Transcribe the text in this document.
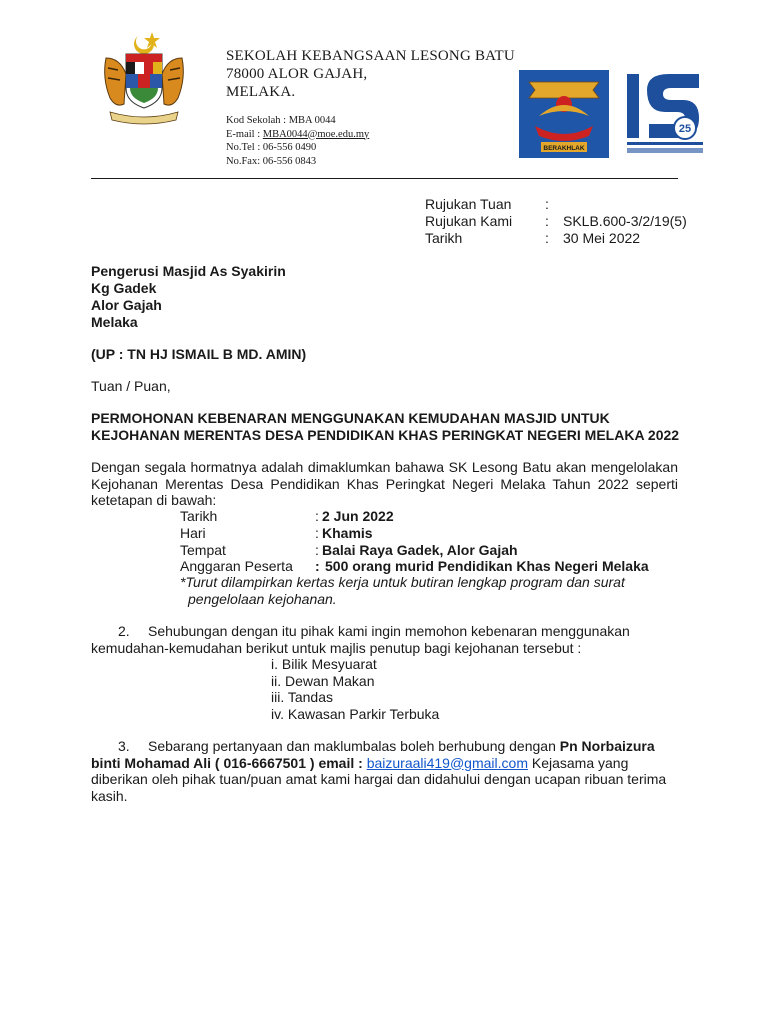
SEKOLAH KEBANGSAAN LESONG BATU
78000 ALOR GAJAH,
MELAKA.
Kod Sekolah : MBA 0044
E-mail : MBA0044@moe.edu.my
No.Tel : 06-556 0490
No.Fax: 06-556 0843
BERAKHLAK
25
Rujukan Tuan :
Rujukan Kami : SKLB.600-3/2/19(5)
Tarikh	: 30 Mei 2022
Pengerusi Masjid As Syakirin
Kg Gadek
Alor Gajah
Melaka
(UP : TN HJ ISMAIL B MD. AMIN)
Tuan / Puan,
PERMOHONAN KEBENARAN MENGGUNAKAN KEMUDAHAN MASJID UNTUK
KEJOHANAN MERENTAS DESA PENDIDIKAN KHAS PERINGKAT NEGERI MELAKA 2022
Dengan segala hormatnya adalah dimaklumkan bahawa SK Lesong Batu akan mengelolakan
Kejohanan Merentas Desa Pendidikan Khas Peringkat Negeri Melaka Tahun 2022 seperti
ketetapan di bawah:
Tarikh	: 2 Jun 2022
Hari	: Khamis
Tempat	: Balai Raya Gadek, Alor Gajah
Anggaran Peserta : 500 orang murid Pendidikan Khas Negeri Melaka
*Turut dilampirkan kertas kerja untuk butiran lengkap program dan surat
pengelolaan kejohanan.
2. Sehubungan dengan itu pihak kami ingin memohon kebenaran menggunakan
kemudahan-kemudahan berikut untuk majlis penutup bagi kejohanan tersebut :
i. Bilik Mesyuarat
ii. Dewan Makan
iii. Tandas
iv. Kawasan Parkir Terbuka
3. Sebarang pertanyaan dan maklumbalas boleh berhubung dengan Pn Norbaizura
binti Mohamad Ali ( 016-6667501 ) email : baizuraali419@gmail.com Kejasama yang
diberikan oleh pihak tuan/puan amat kami hargai dan didahului dengan ucapan ribuan terima
kasih.
